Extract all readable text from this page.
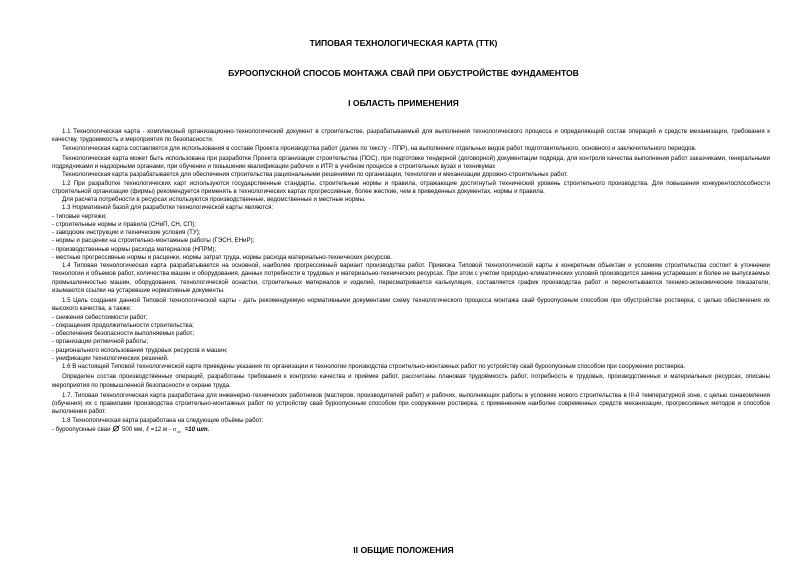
ТИПОВАЯ ТЕХНОЛОГИЧЕСКАЯ КАРТА (ТТК)
БУРООПУСКНОЙ СПОСОБ МОНТАЖА СВАЙ ПРИ ОБУСТРОЙСТВЕ ФУНДАМЕНТОВ
I ОБЛАСТЬ ПРИМЕНЕНИЯ

1.1 Технологическая карта - комплексный организационно-технологический документ в строительстве, разрабатываемый для выполнения технологического процесса и определяющий состав операций и средств механизации, требования к качеству, трудоемкость и мероприятия по безопасности.

Технологическая карта составляется для использования в составе Проекта производства работ (далее по тексту - ППР), на выполнение отдельных видов работ подготовительного, основного и заключительного периодов.

Технологическая карта может быть использована при разработке Проекта организации строительства (ПОС), при подготовке тендерной (договорной) документации подряда, для контроля качества выполнения работ заказчиками, генеральными подрядчиками и надзорными органами, при обучении и повышении квалификации рабочих и ИТР, в учебном процессе в строительных вузах и техникумах

Технологическая карта разрабатывается для обеспечения строительства рациональными решениями по организации, технологии и механизации дорожно-строительных работ.

1.2 При разработке технологических карт используются государственные стандарты, строительные нормы и правила, отражающие достигнутый технический уровень строительного производства. Для повышения конкурентоспособности строительной организации (фирмы) рекомендуется применять в технологических картах прогрессивные, более жесткие, чем в приведенных документах, нормы и правила.

Для расчета потребности в ресурсах используются производственные, ведомственные и местные нормы.

1.3 Нормативной базой для разработки технологической карты являются:

- типовые чертежи;

- строительные нормы и правила (СНиП, СН, СП);

- заводские инструкции и технические условия (ТУ);

- нормы и расценки на строительно-монтажные работы (ГЭСН, ЕНиР);

- производственные нормы расхода материалов (НПРМ);

- местные прогрессивные нормы и расценки, нормы затрат труда, нормы расхода материально-технических ресурсов.

1.4 Типовая технологическая карта разрабатывается на основной, наиболее прогрессивный вариант производства работ. Привязка Типовой технологической карты к конкретным объектам и условиям строительства состоит в уточнении технологии и объемов работ, количества машин и оборудования, данных потребности в трудовых и материально-технических ресурсах. При этом с учетом природно-климатических условий производится замена устаревших и более не выпускаемых промышленностью машин, оборудования, технологической оснастки, строительных материалов и изделий, пересматривается калькуляция, составляется график производства работ и пересчитываются технико-экономические показатели, изымаются ссылки на устаревшие нормативные документы.

1.5 Цель создания данной Типовой технологической карты - дать рекомендуемую нормативными документами схему технологического процесса монтажа свай буроопускным способом при обустройстве ростверка, с целью обеспечения их высокого качества, а также:

- снижения себестоимости работ;

- сокращения продолжительности строительства;

- обеспечения безопасности выполняемых работ;

- организации ритмичной работы;

- рационального использования трудовых ресурсов и машин;

- унификации технологических решений.

1.6 В настоящей Типовой технологической карте приведены указания по организации и технологии производства строительно-монтажных работ по устройству свай буроопускным способом при сооружении ростверка.

Определен состав производственных операций, разработаны требования к контролю качества и приёмке работ, рассчитаны плановая трудоёмкость работ, потребность в трудовых, производственных и материальных ресурсах, описаны мероприятия по промышленной безопасности и охране труда.

1.7. Типовая технологическая карта разработана для инженерно-технических работников (мастеров, производителей работ) и рабочих, выполняющих работы в условиях нового строительства в III-й температурной зоне, с целью ознакомления (обучения) их с правилами производства строительно-монтажных работ по устройству свай буроопускным способом при сооружении ростверка, с применением наиболее современных средств механизации, прогрессивных методов и способов выполнения работ.

1.8 Технологическая карта разработана на следующие объёмы работ:

- буроопускные сваи 500 мм, ℓ =12 м - n св =10 шт.

II ОБЩИЕ ПОЛОЖЕНИЯ
